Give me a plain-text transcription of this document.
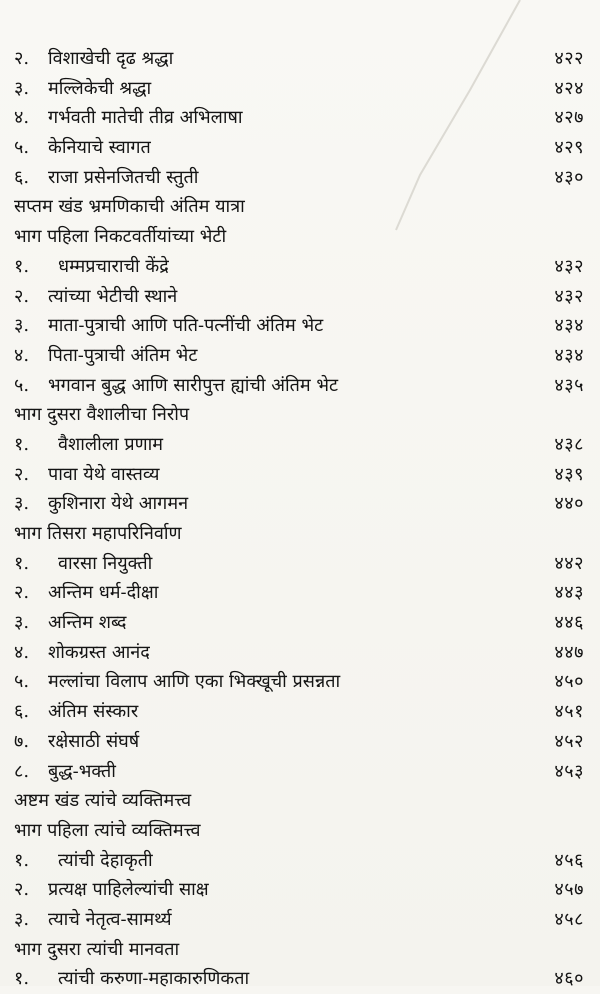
२.	विशाखेची दृढ श्रद्धा	४२२
३.	मल्लिकेची श्रद्धा	४२४
४.	गर्भवती मातेची तीव्र अभिलाषा	४२७
५.	केनियाचे स्वागत	४२९
६.	राजा प्रसेनजितची स्तुती	४३०
सप्तम खंड भ्रमणिकाची अंतिम यात्रा
भाग पहिला निकटवर्तीयांच्या भेटी
१.	धम्मप्रचाराची केंद्रे	४३२
२.	त्यांच्या भेटीची स्थाने	४३२
३.	माता-पुत्राची आणि पति-पत्नींची अंतिम भेट	४३४
४.	पिता-पुत्राची अंतिम भेट	४३४
५.	भगवान बुद्ध आणि सारीपुत्त ह्यांची अंतिम भेट	४३५
भाग दुसरा वैशालीचा निरोप
१.	वैशालीला प्रणाम	४३८
२.	पावा येथे वास्तव्य	४३९
३.	कुशिनारा येथे आगमन	४४०
भाग तिसरा महापरिनिर्वाण
१.	वारसा नियुक्ती	४४२
२.	अन्तिम धर्म-दीक्षा	४४३
३.	अन्तिम शब्द	४४६
४.	शोकग्रस्त आनंद	४४७
५.	मल्लांचा विलाप आणि एका भिक्खूची प्रसन्नता	४५०
६.	अंतिम संस्कार	४५१
७.	रक्षेसाठी संघर्ष	४५२
८.	बुद्ध-भक्ती	४५३
अष्टम खंड त्यांचे व्यक्तिमत्त्व
भाग पहिला त्यांचे व्यक्तिमत्त्व
१.	त्यांची देहाकृती	४५६
२.	प्रत्यक्ष पाहिलेल्यांची साक्ष	४५७
३.	त्याचे नेतृत्व-सामर्थ्य	४५८
भाग दुसरा त्यांची मानवता
१.	त्यांची करुणा-महाकारुणिकता	४६०
